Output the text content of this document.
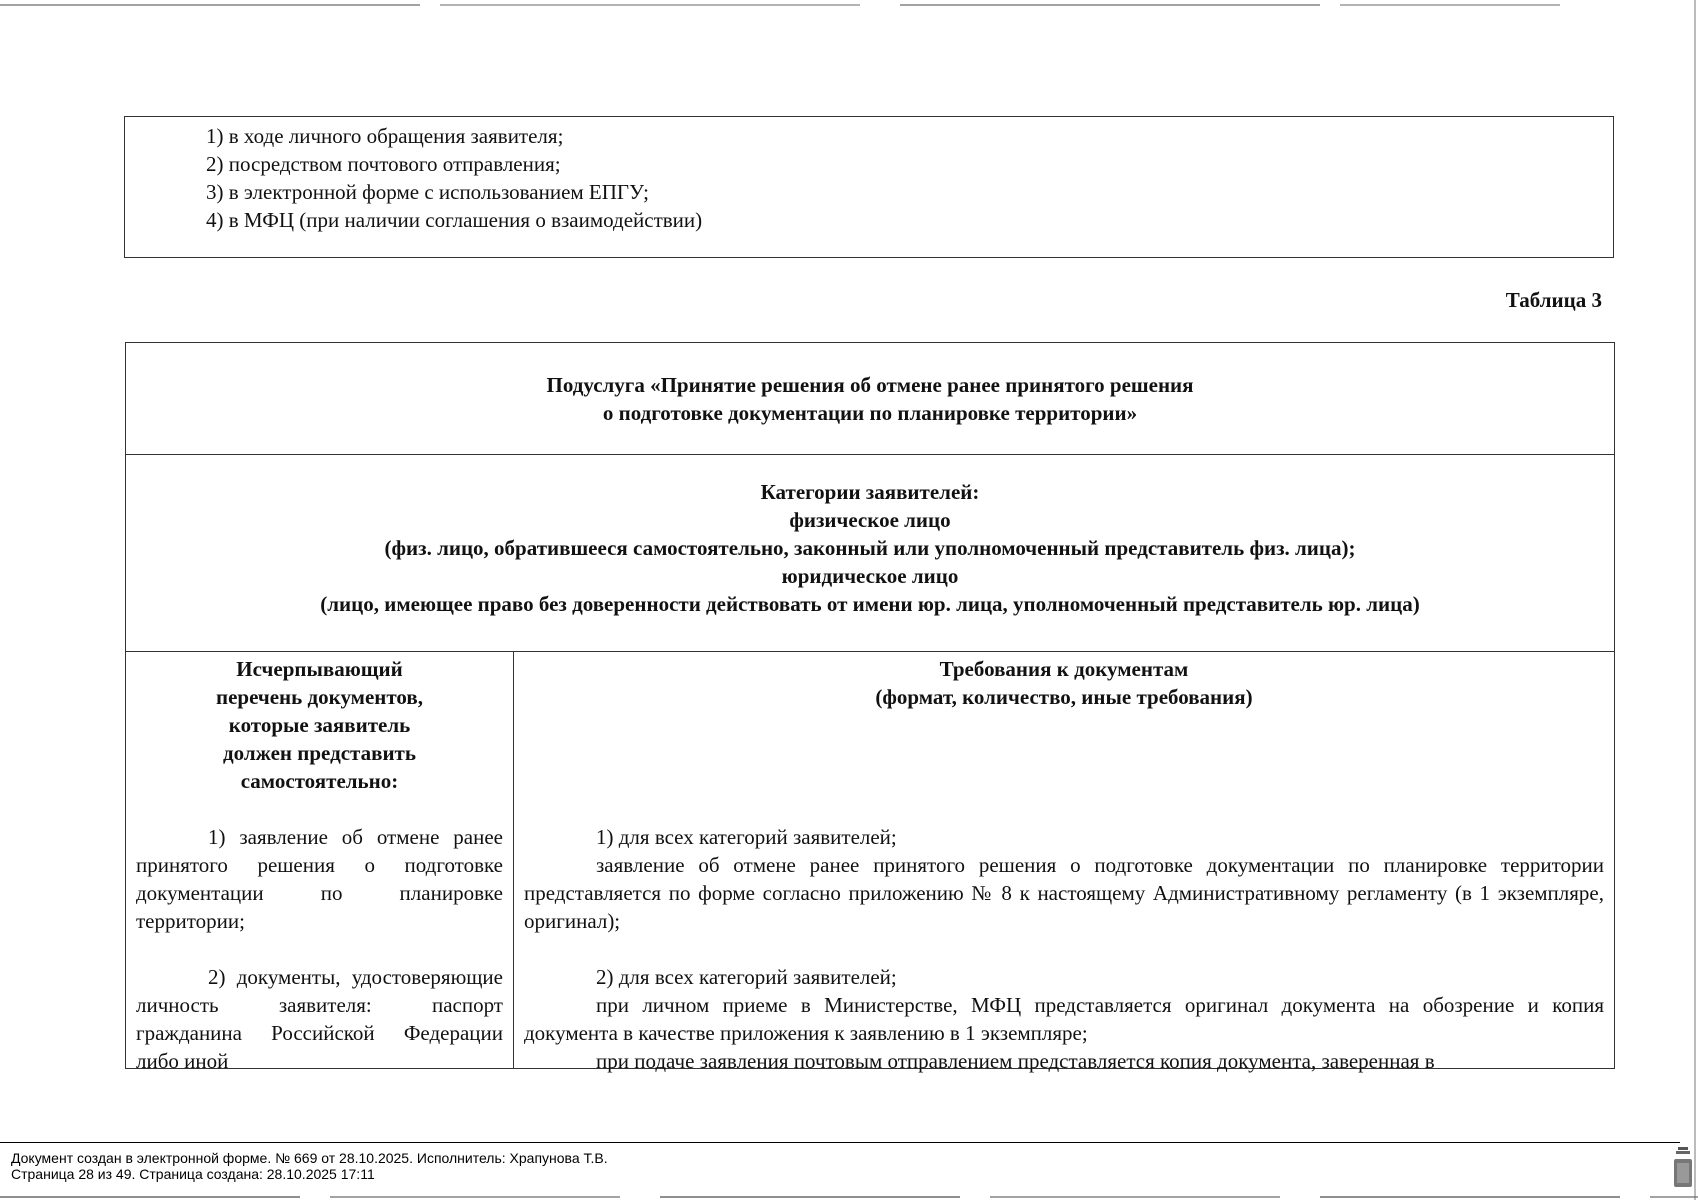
1) в ходе личного обращения заявителя;
2) посредством почтового отправления;
3) в электронной форме с использованием ЕПГУ;
4) в МФЦ (при наличии соглашения о взаимодействии)
Таблица 3
Подуслуга «Принятие решения об отмене ранее принятого решения
о подготовке документации по планировке территории»
Категории заявителей:
физическое лицо
(физ. лицо, обратившееся самостоятельно, законный или уполномоченный представитель физ. лица);
юридическое лицо
(лицо, имеющее право без доверенности действовать от имени юр. лица, уполномоченный представитель юр. лица)
Исчерпывающий
перечень документов,
которые заявитель
должен представить
самостоятельно:
1) заявление об отмене ранее принятого решения о подготовке документации по планировке территории;
2) документы, удостоверяющие личность заявителя: паспорт гражданина Российской Федерации либо иной
Требования к документам
(формат, количество, иные требования)
1) для всех категорий заявителей;
заявление об отмене ранее принятого решения о подготовке документации по планировке территории представляется по форме согласно приложению № 8 к настоящему Административному регламенту (в 1 экземпляре, оригинал);
2) для всех категорий заявителей;
при личном приеме в Министерстве, МФЦ представляется оригинал документа на обозрение и копия документа в качестве приложения к заявлению в 1 экземпляре;
при подаче заявления почтовым отправлением представляется копия документа, заверенная в
Документ создан в электронной форме. № 669 от 28.10.2025. Исполнитель: Храпунова Т.В.
Страница 28 из 49. Страница создана: 28.10.2025 17:11
